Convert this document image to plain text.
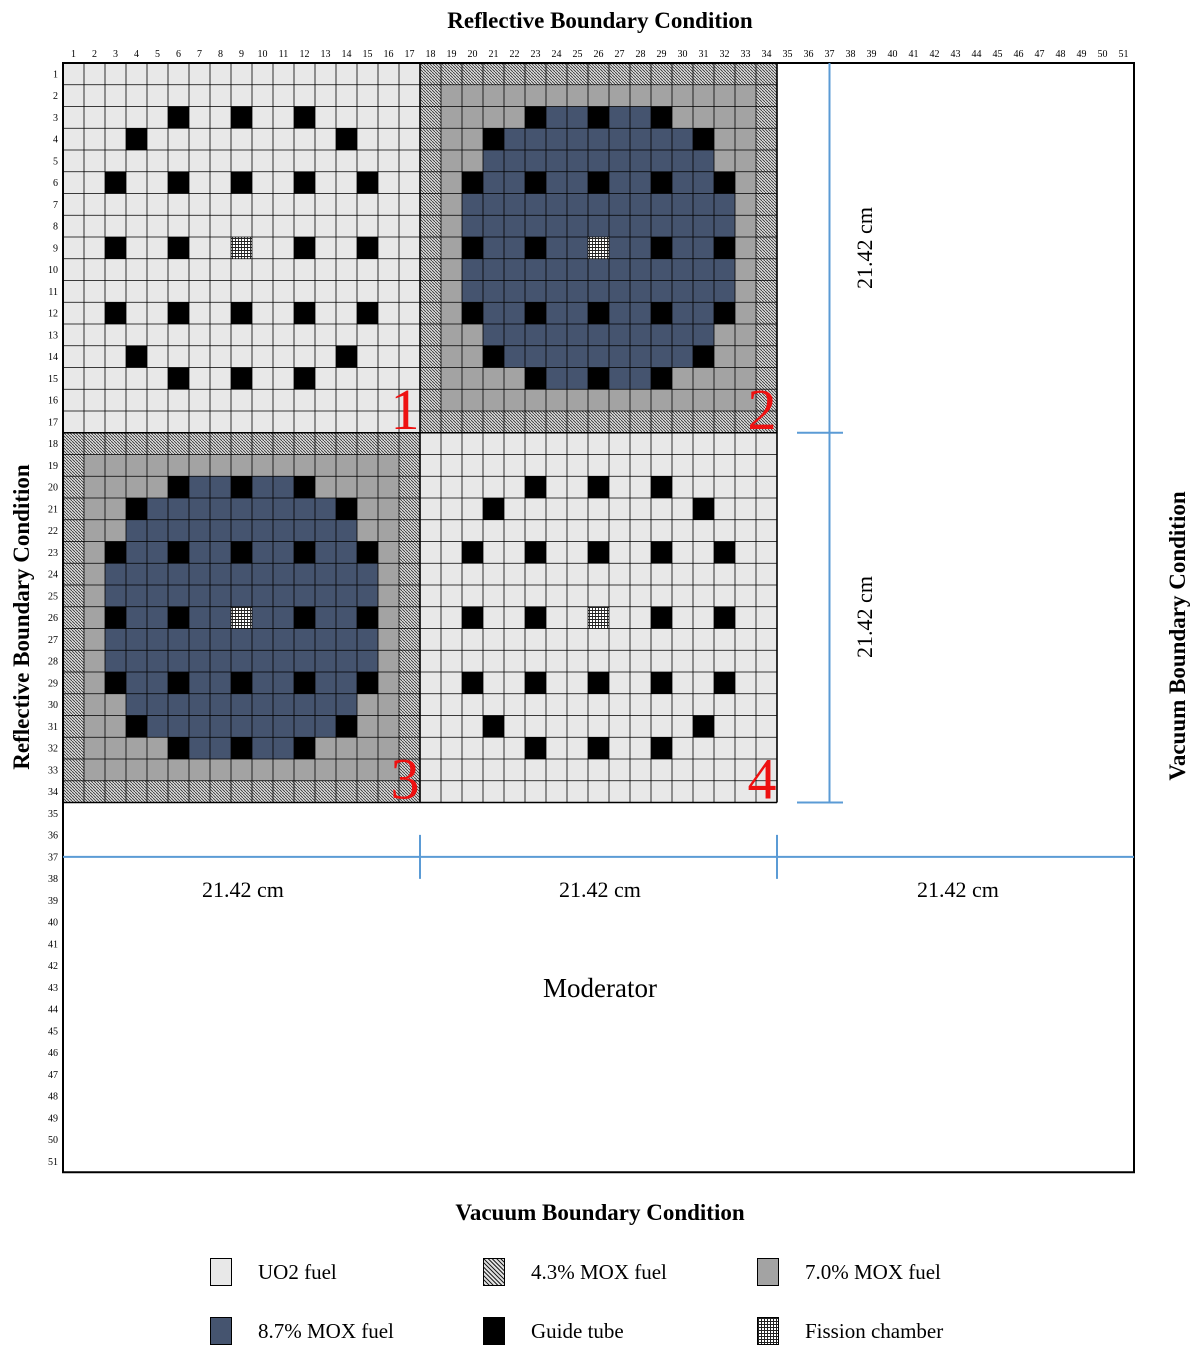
1 2 3 4 5 6 7 8 9 10 11 12 13 14 15 16 17 18 19 20 21 22 23 24 25 26 27 28 29 30 31 32 33 34 35 36 37 38 39 40 41 42 43 44 45 46 47 48 49 50 51
1
2
3
4
5
6
7
8
9
10
11
12
13
14
15
16
17
18
19
20
21
22
23
24
25
26
27
28
29
30
31
32
33
34
35
36
37
38
39
40
41
42
43
44
45
46
47
48
49
50
51
1	2
3	4
Moderator
21.42 cm
21.42 cm
21.42 cm	21.42 cm	21.42 cm
Reflective Boundary Condition
Reflective Boundary Condition	Vacuum Boundary Condition
Vacuum Boundary Condition
UO2 fuel	4.3% MOX fuel	7.0% MOX fuel
8.7% MOX fuel	Guide tube	Fission chamber
